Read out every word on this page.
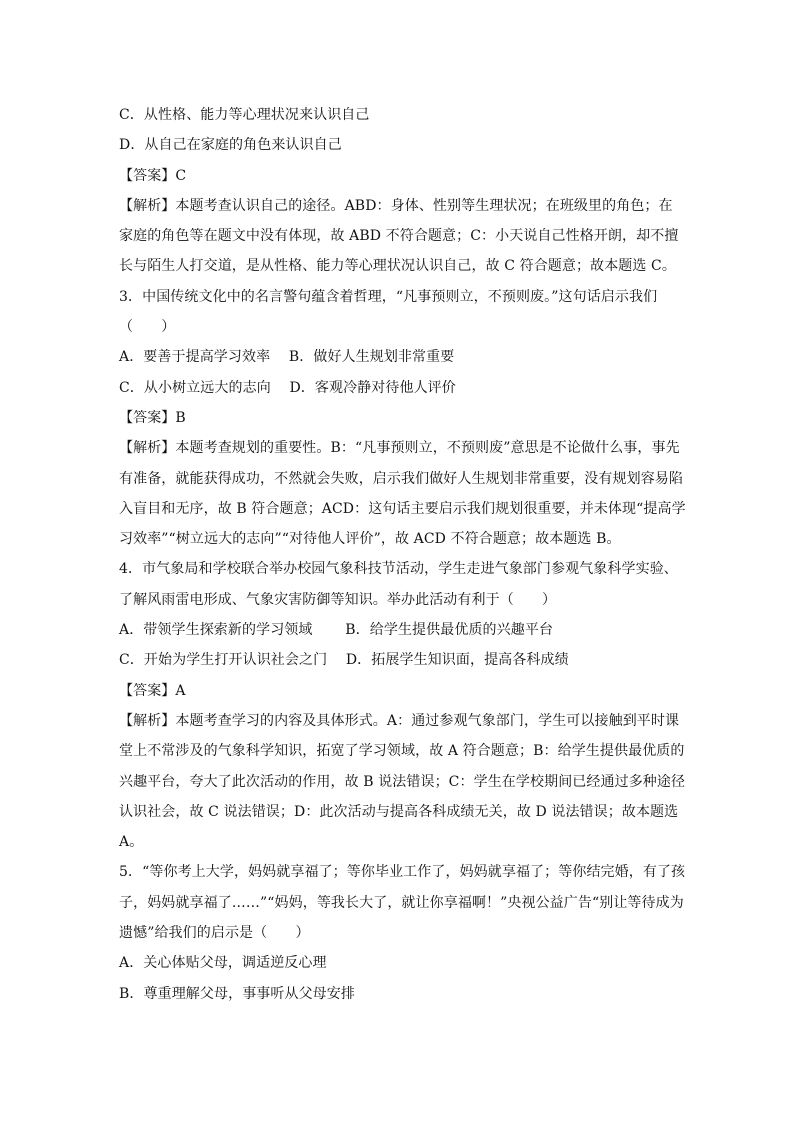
C．从性格、能力等心理状况来认识自己
D．从自己在家庭的角色来认识自己
【答案】C
【解析】本题考查认识自己的途径。ABD：身体、性别等生理状况；在班级里的角色；在
家庭的角色等在题文中没有体现，故 ABD 不符合题意；C：小天说自己性格开朗，却不擅
长与陌生人打交道，是从性格、能力等心理状况认识自己，故 C 符合题意；故本题选 C。
3．中国传统文化中的名言警句蕴含着哲理，“凡事预则立，不预则废。”这句话启示我们
（　　）
A．要善于提高学习效率　 B．做好人生规划非常重要
C．从小树立远大的志向　 D．客观冷静对待他人评价
【答案】B
【解析】本题考查规划的重要性。B：“凡事预则立，不预则废”意思是不论做什么事，事先
有准备，就能获得成功，不然就会失败，启示我们做好人生规划非常重要，没有规划容易陷
入盲目和无序，故 B 符合题意；ACD：这句话主要启示我们规划很重要，并未体现“提高学
习效率”“树立远大的志向”“对待他人评价”，故 ACD 不符合题意；故本题选 B。
4．市气象局和学校联合举办校园气象科技节活动，学生走进气象部门参观气象科学实验、
了解风雨雷电形成、气象灾害防御等知识。举办此活动有利于（　　）
A．带领学生探索新的学习领域　　 B．给学生提供最优质的兴趣平台
C．开始为学生打开认识社会之门　 D．拓展学生知识面，提高各科成绩
【答案】A
【解析】本题考查学习的内容及具体形式。A：通过参观气象部门，学生可以接触到平时课
堂上不常涉及的气象科学知识，拓宽了学习领域，故 A 符合题意；B：给学生提供最优质的
兴趣平台，夸大了此次活动的作用，故 B 说法错误；C：学生在学校期间已经通过多种途径
认识社会，故 C 说法错误；D：此次活动与提高各科成绩无关，故 D 说法错误；故本题选
A。
5．“等你考上大学，妈妈就享福了；等你毕业工作了，妈妈就享福了；等你结完婚，有了孩
子，妈妈就享福了……”“妈妈，等我长大了，就让你享福啊！”央视公益广告“别让等待成为
遗憾”给我们的启示是（　　）
A．关心体贴父母，调适逆反心理
B．尊重理解父母，事事听从父母安排
